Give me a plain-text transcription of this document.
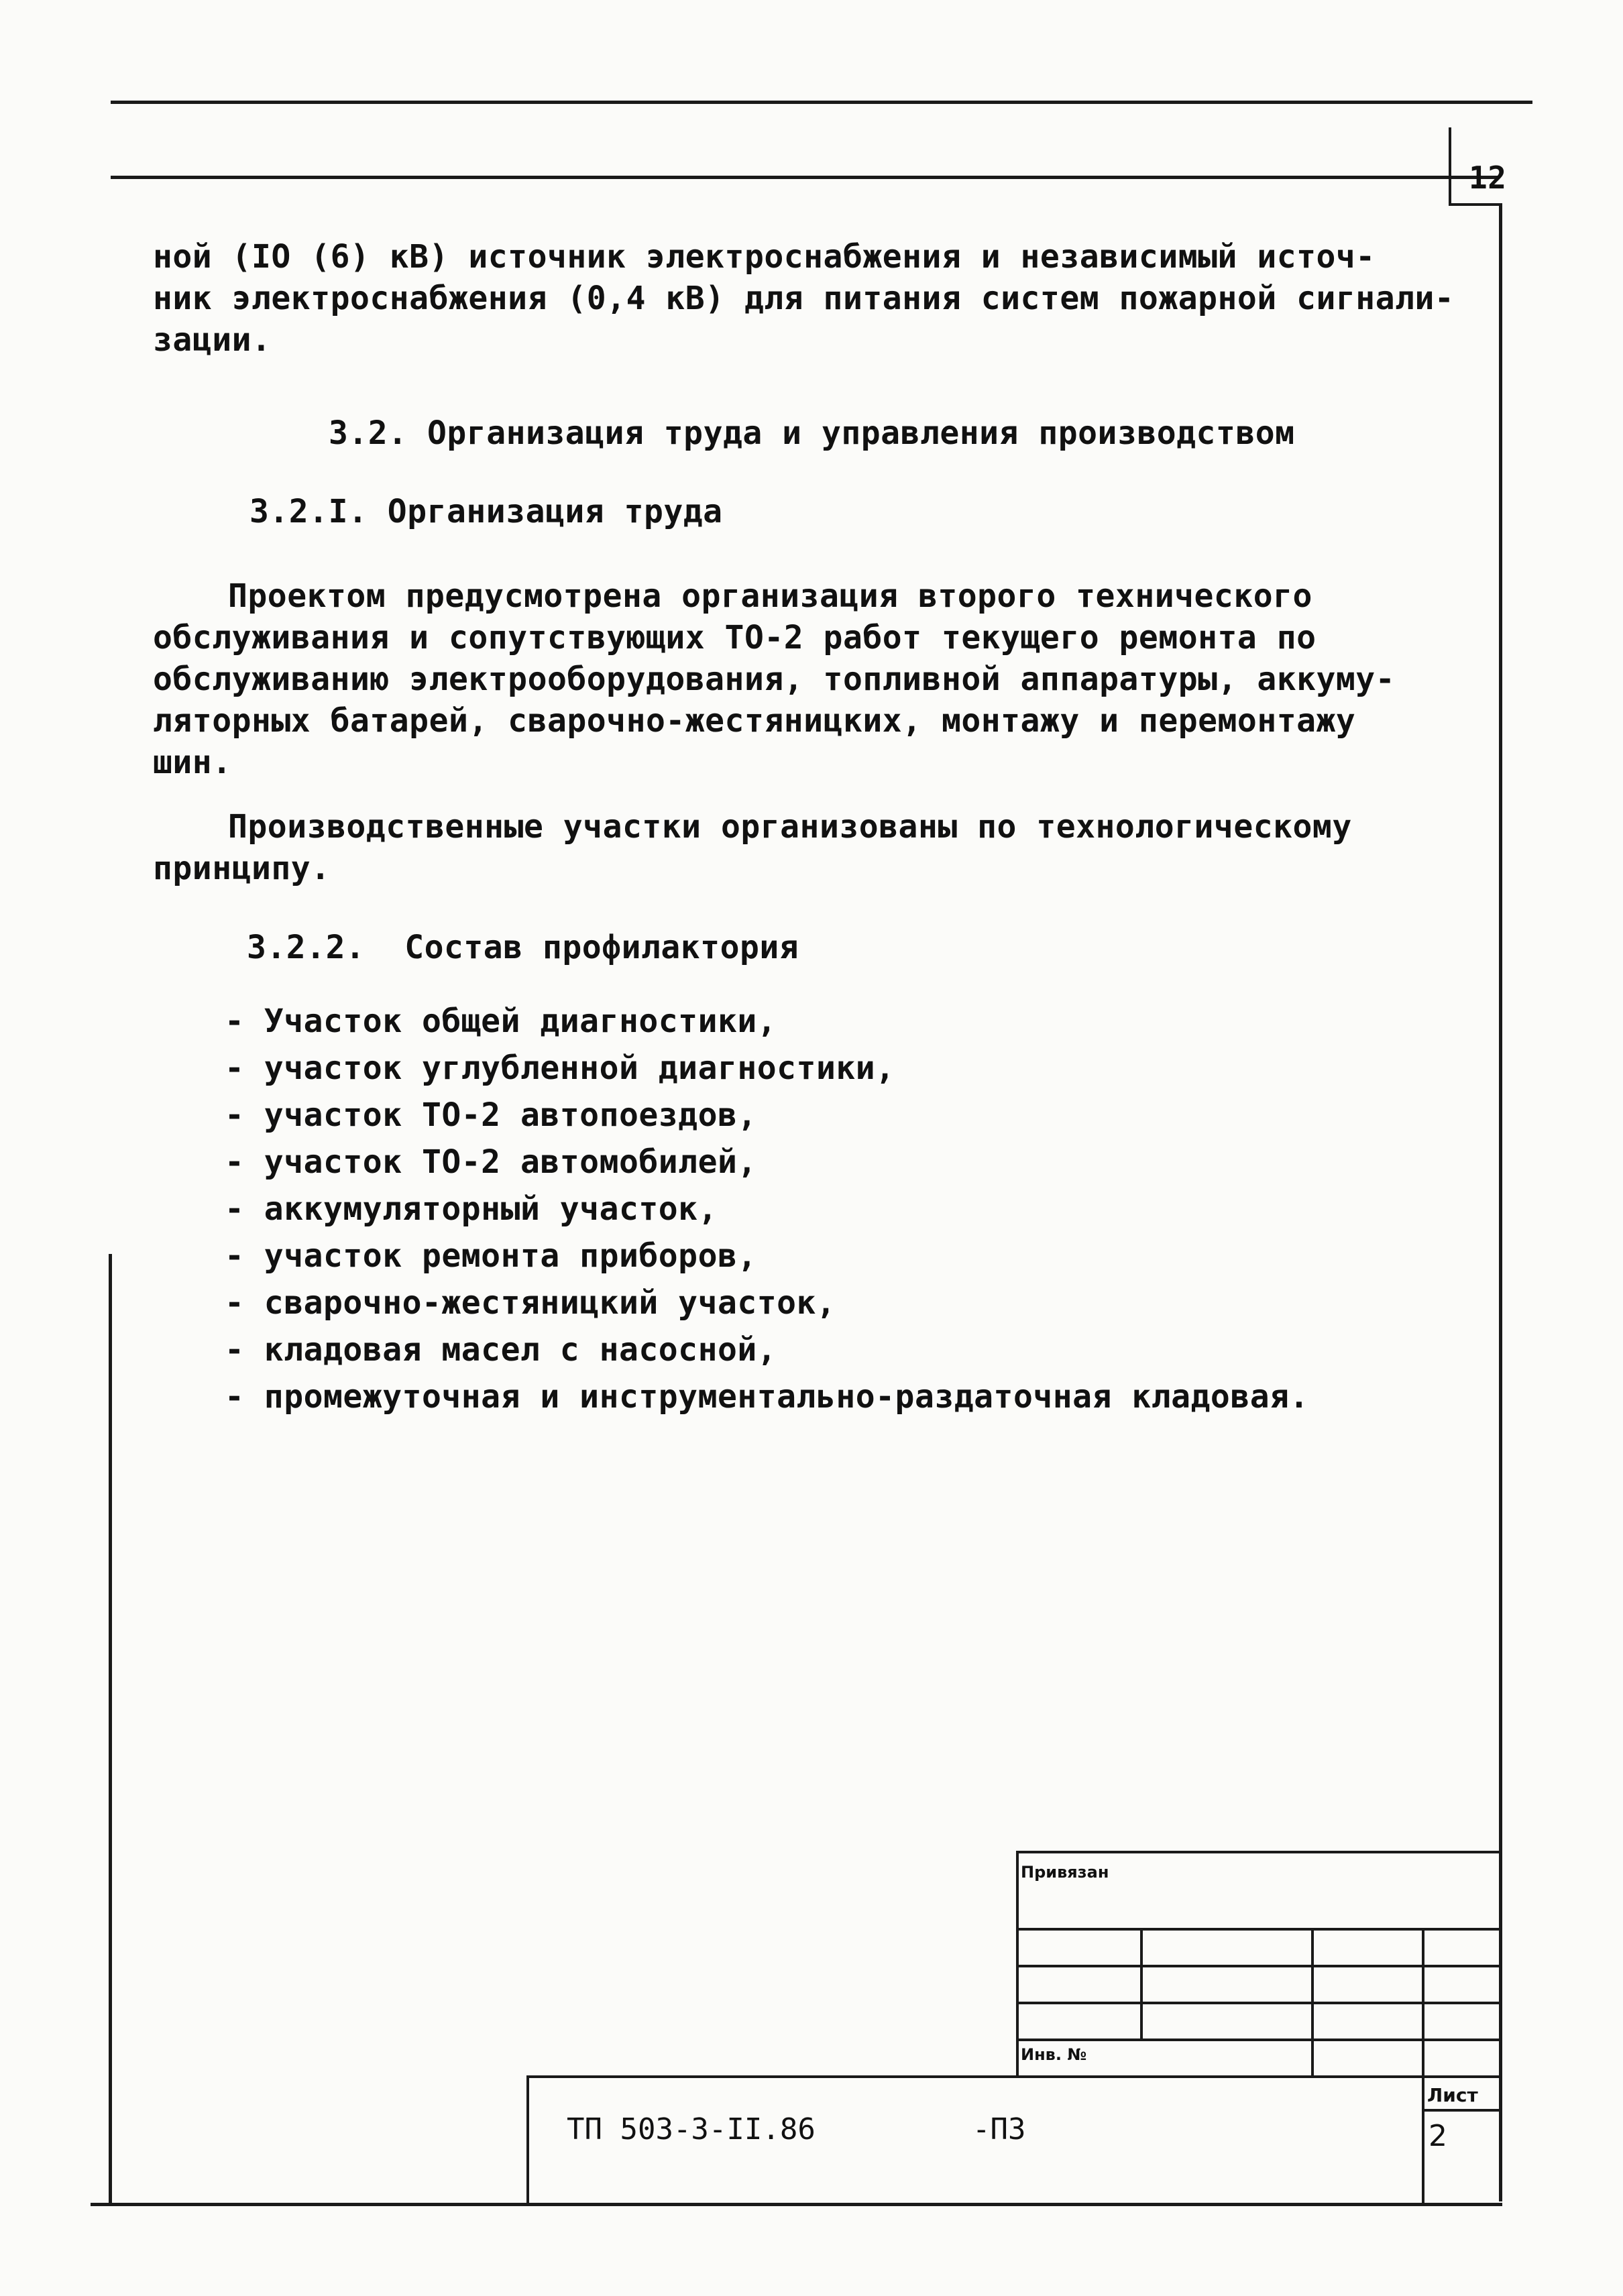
12
ной (IO (6) кВ) источник электроснабжения и независимый источ-
ник электроснабжения (0,4 кВ) для питания систем пожарной сигнали-
зации.
3.2. Организация труда и управления производством
3.2.I. Организация труда
Проектом предусмотрена организация второго технического
обслуживания и сопутствующих ТО-2 работ текущего ремонта по
обслуживанию электрооборудования, топливной аппаратуры, аккуму-
ляторных батарей, сварочно-жестяницких, монтажу и перемонтажу
шин.
Производственные участки организованы по технологическому
принципу.
3.2.2.  Состав профилактория
- Участок общей диагностики,
- участок углубленной диагностики,
- участок ТО-2 автопоездов,
- участок ТО-2 автомобилей,
- аккумуляторный участок,
- участок ремонта приборов,
- сварочно-жестяницкий участок,
- кладовая масел с насосной,
- промежуточная и инструментально-раздаточная кладовая.
Привязан
Инв. №
Лист
2
ТП 503-3-II.86	-ПЗ
